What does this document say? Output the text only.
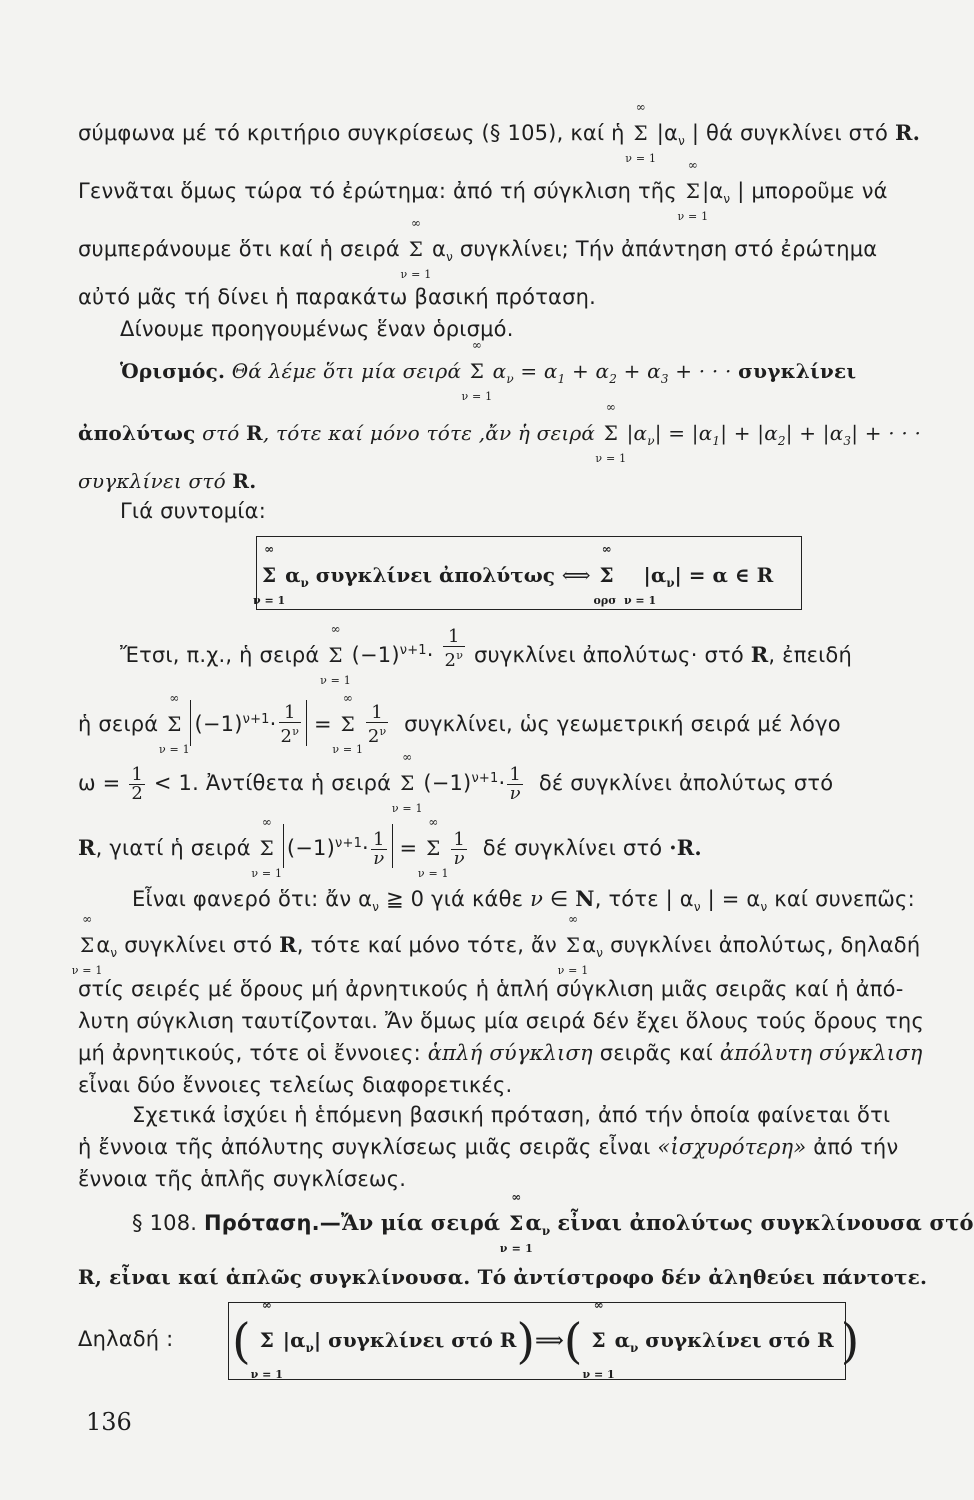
σύμφωνα μέ τό κριτήριο συγκρίσεως (§ 105), καί ἡ
∞
Σ
ν = 1
$|\alpha_\nu$ | θά συγκλίνει στό R.
Γεννᾶται ὅμως τώρα τό ἐρώτημα: ἀπό τή σύγκλιση τῆς
∞
Σ
ν = 1
$|\alpha_\nu$ | μποροῦμε νά
συμπεράνουμε ὅτι καί ἡ σειρά
∞
Σ
ν = 1
$\alpha_\nu$ συγκλίνει; Τήν ἀπάντηση στό ἐρώτημα
αὐτό μᾶς τή δίνει ἡ παρακάτω βασική πρόταση.
Δίνουμε προηγουμένως ἕναν ὁρισμό.
Ὁρισμός. Θά λέμε ὅτι μία σειρά
∞
Σ
ν = 1
$\alpha_\nu = \alpha_1 + \alpha_2 + \alpha_3$ + · · · συγκλίνει
ἀπολύτως στό R, τότε καί μόνο τότε ,ἄν ἡ σειρά
∞
Σ
ν = 1
$|\alpha_\nu| = |\alpha_1| + |\alpha_2| + |\alpha_3|$ + · · ·
συγκλίνει στό R.
Γιά συντομία:
∞
Σ
ν = 1
$\alpha_\nu$ συγκλίνει ἀπολύτως ⟺
∞
Σ
ορσ  ν = 1
$|\alpha_\nu| = \alpha$ ∈ R
Ἔτσι, π.χ., ἡ σειρά
∞
Σ
ν = 1
$(-1)^{\nu+1}\cdot \frac{1}{2^\nu}$ συγκλίνει ἀπολύτως· στό R, ἐπειδή
ἡ σειρά
∞
Σ
ν = 1
$(-1)^{\nu+1}\cdot \frac{1}{2^\nu}$ =
∞
Σ
ν = 1

$\frac{1}{2^\nu} \sigma\upsilon\gamma\kappa\lambda ί\nu\varepsilon\iota$, ὡς γεωμετρική σειρά μέ λόγο
$\omega = \frac{1}{2} < 1$. Ἀντίθετα ἡ σειρά
∞
Σ
ν = 1
$(-1)^{\nu+1}\cdot \frac{1}{\nu}$ δέ συγκλίνει ἀπολύτως στό
R, γιατί ἡ σειρά
∞
Σ
ν = 1
$(-1)^{\nu+1}\cdot \frac{1}{\nu}$ =
∞
Σ
ν = 1

$\frac{1}{\nu}$ δέ συγκλίνει στό ·R.
Εἶναι φανερό ὅτι: ἄν $\alpha_\nu$ ≧ 0 γιά κάθε ν ∈ N, τότε | $\alpha_\nu$ | = $\alpha_\nu$ καί συνεπῶς:
∞
Σ
ν = 1
$\alpha_\nu$ συγκλίνει στό R, τότε καί μόνο τότε, ἄν
∞
Σ
ν = 1
$\alpha_\nu$ συγκλίνει ἀπολύτως, δηλαδή
στίς σειρές μέ ὅρους μή ἀρνητικούς ἡ ἁπλή σύγκλιση μιᾶς σειρᾶς καί ἡ ἀπό-
λυτη σύγκλιση ταυτίζονται. Ἄν ὅμως μία σειρά δέν ἔχει ὅλους τούς ὅρους της
μή ἀρνητικούς, τότε οἱ ἔννοιες: ἁπλή σύγκλιση σειρᾶς καί ἀπόλυτη σύγκλιση
εἶναι δύο ἔννοιες τελείως διαφορετικές.
Σχετικά ἰσχύει ἡ ἑπόμενη βασική πρόταση, ἀπό τήν ὁποία φαίνεται ὅτι
ἡ ἔννοια τῆς ἀπόλυτης συγκλίσεως μιᾶς σειρᾶς εἶναι «ἰσχυρότερη» ἀπό τήν
ἔννοια τῆς ἁπλῆς συγκλίσεως.
§ 108. Πρόταση.—Ἄν μία σειρά
∞
Σ
ν = 1
$\alpha_\nu$ εἶναι ἀπολύτως συγκλίνουσα στό
R, εἶναι καί ἁπλῶς συγκλίνουσα. Τό ἀντίστροφο δέν ἀληθεύει πάντοτε.
Δηλαδή :	(
∞
Σ
ν = 1
$|\alpha_\nu|$ συγκλίνει στό R)⟹(
∞
Σ
ν = 1
$\alpha_\nu$ συγκλίνει στό R )
136
